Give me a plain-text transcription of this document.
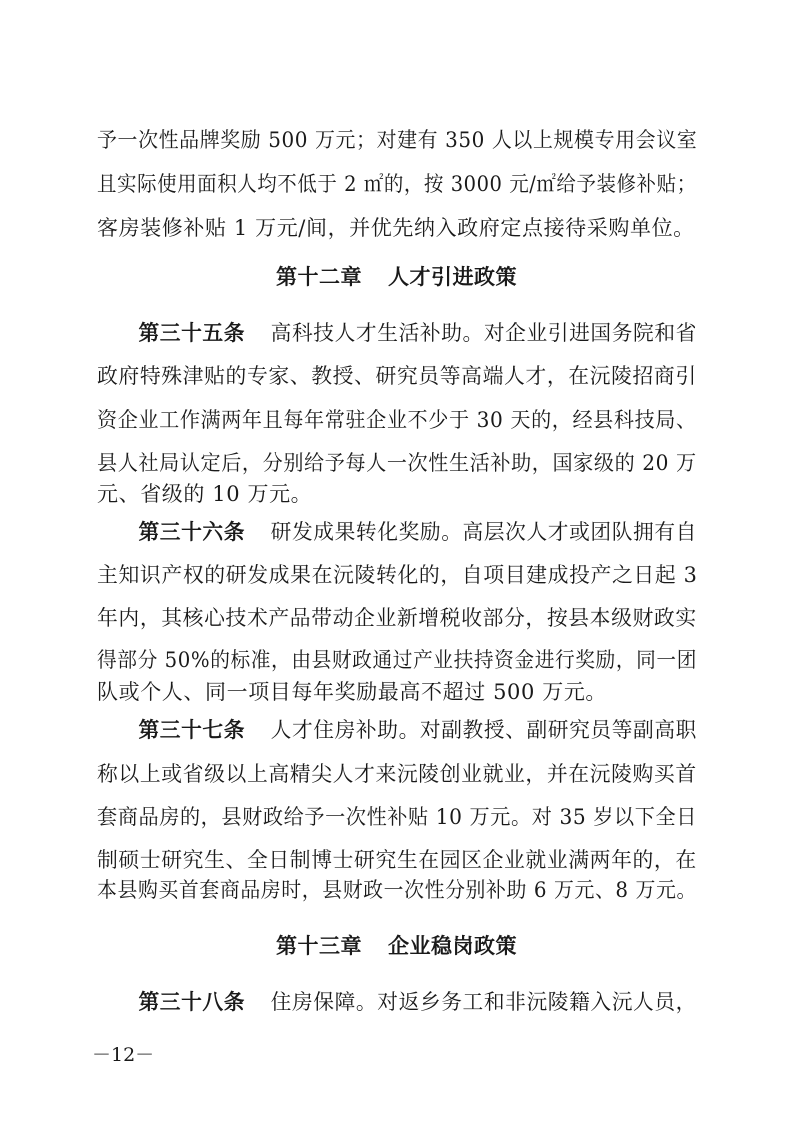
予一次性品牌奖励 500 万元；对建有 350 人以上规模专用会议室
且实际使用面积人均不低于 2 ㎡的，按 3000 元/㎡给予装修补贴；
客房装修补贴 1 万元/间，并优先纳入政府定点接待采购单位。
第十二章 人才引进政策
第三十五条 高科技人才生活补助。对企业引进国务院和省
政府特殊津贴的专家、教授、研究员等高端人才，在沅陵招商引
资企业工作满两年且每年常驻企业不少于 30 天的，经县科技局、
县人社局认定后，分别给予每人一次性生活补助，国家级的 20 万
元、省级的 10 万元。
第三十六条 研发成果转化奖励。高层次人才或团队拥有自
主知识产权的研发成果在沅陵转化的，自项目建成投产之日起 3
年内，其核心技术产品带动企业新增税收部分，按县本级财政实
得部分 50%的标准，由县财政通过产业扶持资金进行奖励，同一团
队或个人、同一项目每年奖励最高不超过 500 万元。
第三十七条 人才住房补助。对副教授、副研究员等副高职
称以上或省级以上高精尖人才来沅陵创业就业，并在沅陵购买首
套商品房的，县财政给予一次性补贴 10 万元。对 35 岁以下全日
制硕士研究生、全日制博士研究生在园区企业就业满两年的，在
本县购买首套商品房时，县财政一次性分别补助 6 万元、8 万元。
第十三章 企业稳岗政策
第三十八条 住房保障。对返乡务工和非沅陵籍入沅人员，
－12－
